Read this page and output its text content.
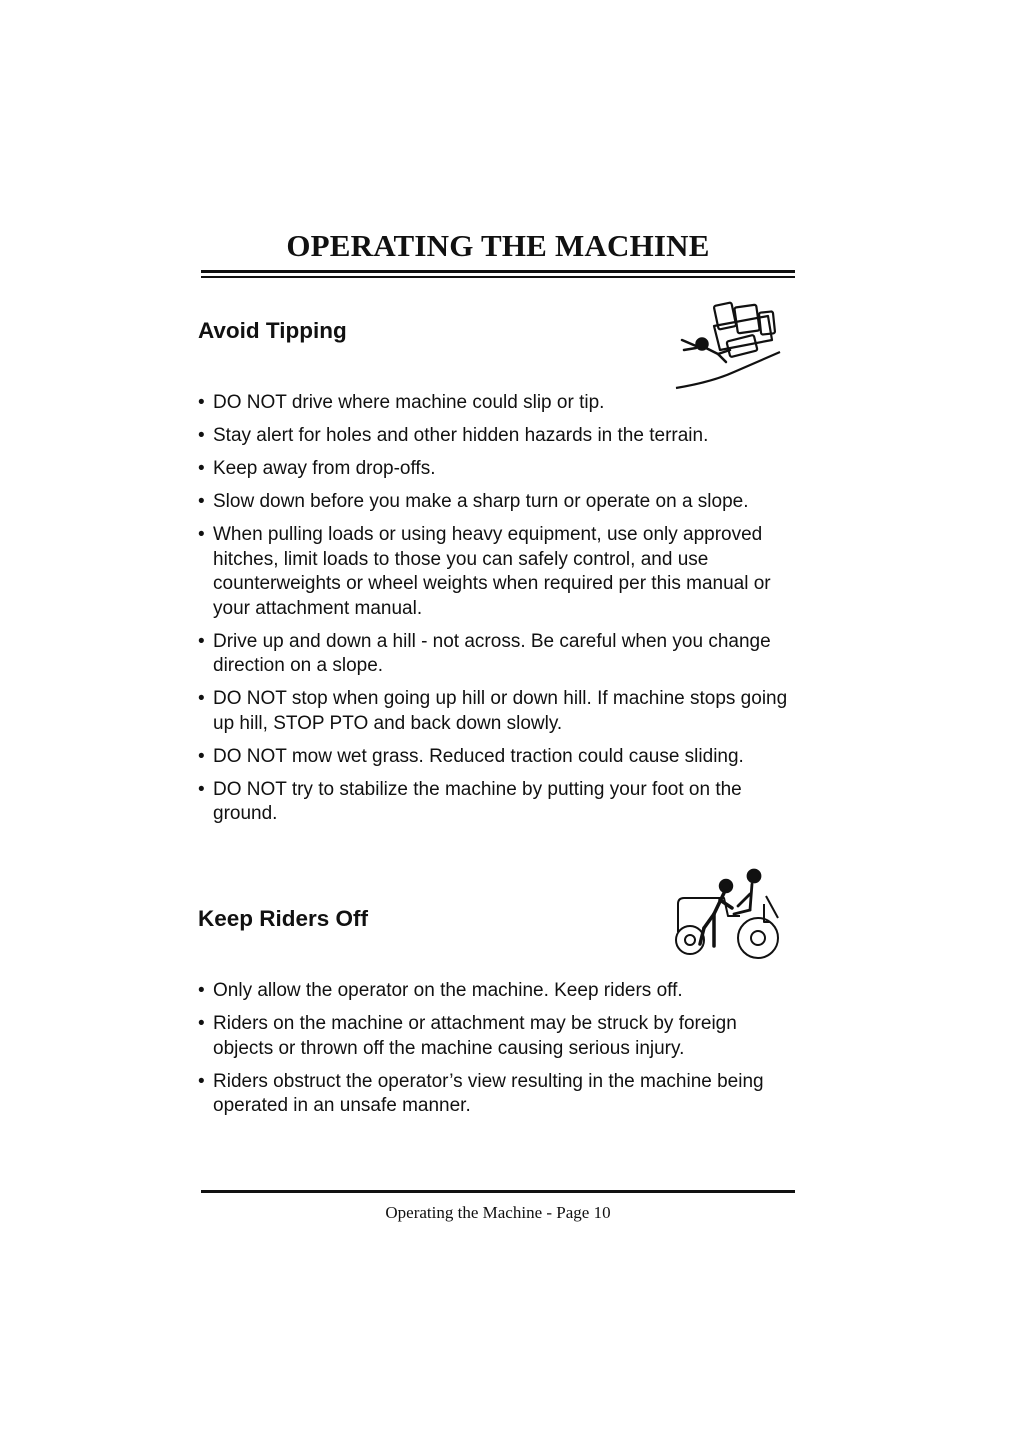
OPERATING THE MACHINE
Avoid Tipping
• DO NOT drive where machine could slip or tip.
• Stay alert for holes and other hidden hazards in the terrain.
• Keep away from drop-offs.
• Slow down before you make a sharp turn or operate on a slope.
• When pulling loads or using heavy equipment, use only approved hitches, limit loads to those you can safely control, and use counterweights or wheel weights when required per this manual or your attachment manual.
• Drive up and down a hill - not across. Be careful when you change direction on a slope.
• DO NOT stop when going up hill or down hill. If machine stops going up hill, STOP PTO and back down slowly.
• DO NOT mow wet grass. Reduced traction could cause sliding.
• DO NOT try to stabilize the machine by putting your foot on the ground.
Keep Riders Off
• Only allow the operator on the machine. Keep riders off.
• Riders on the machine or attachment may be struck by foreign objects or thrown off the machine causing serious injury.
• Riders obstruct the operator’s view resulting in the machine being operated in an unsafe manner.

Operating the Machine - Page 10
